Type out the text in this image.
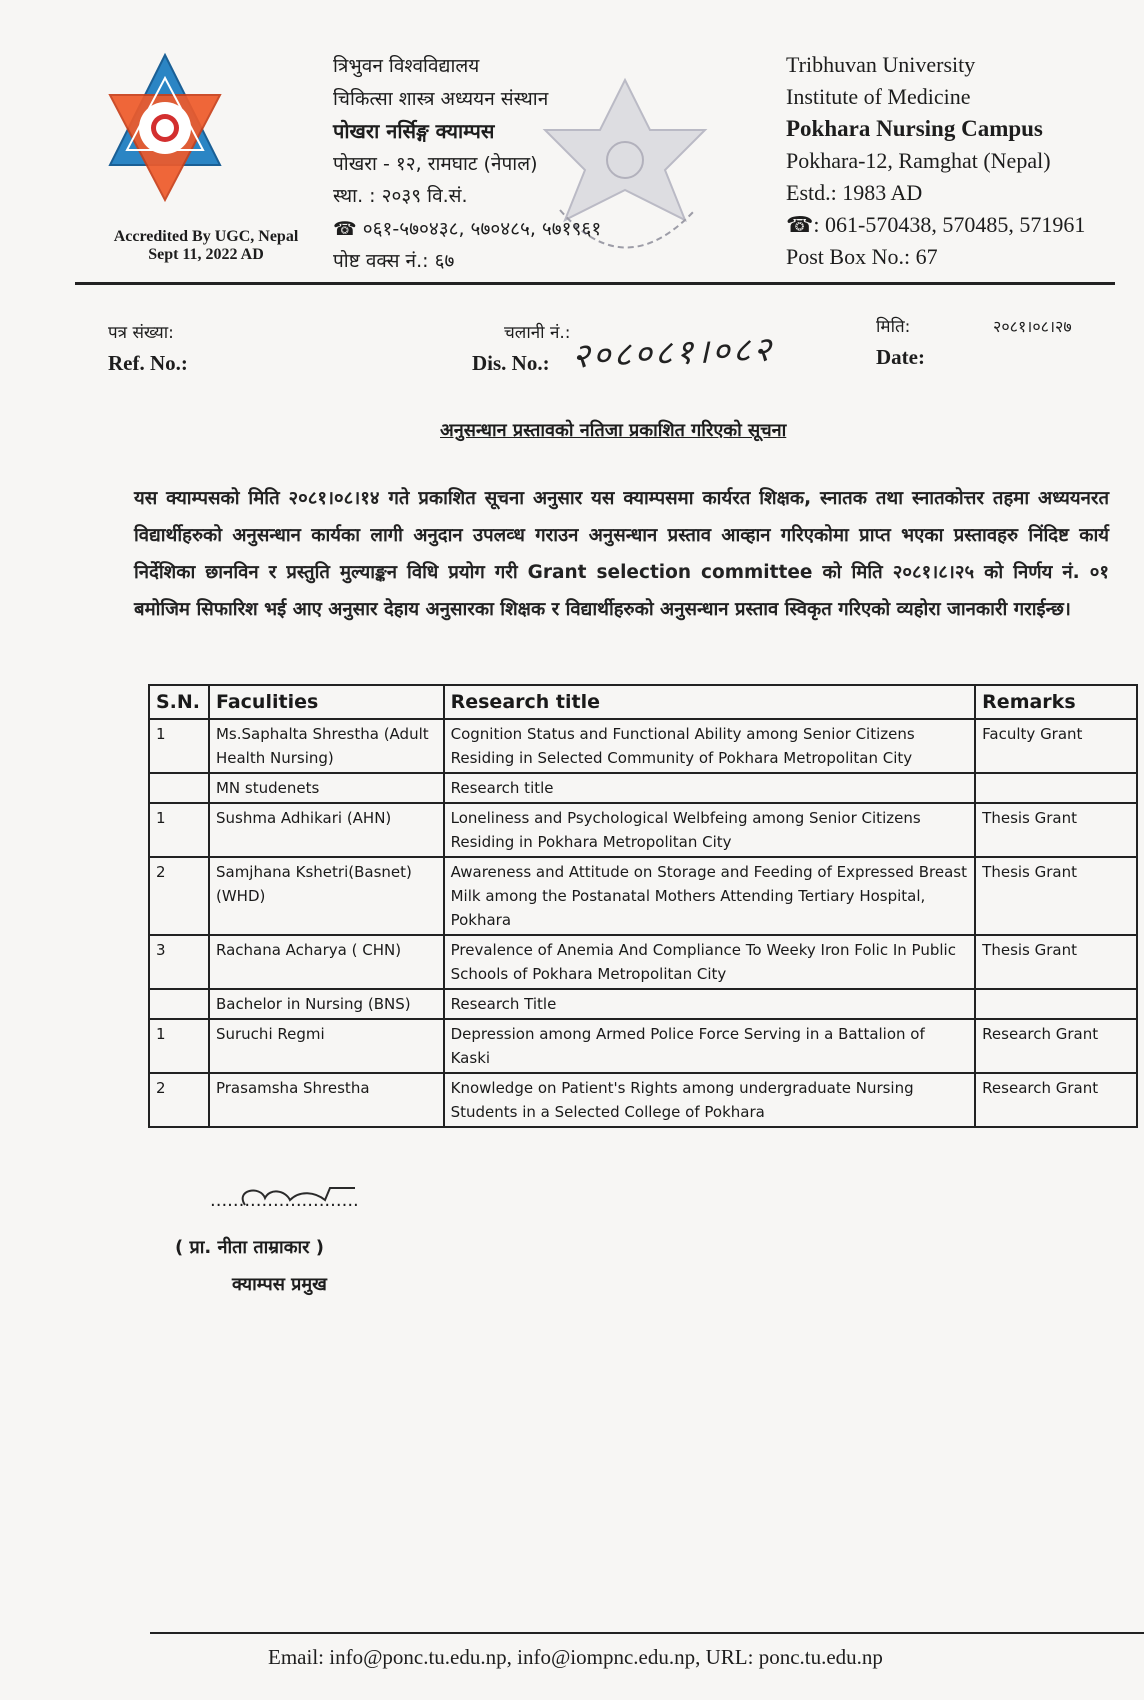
Accredited By UGC, Nepal
Sept 11, 2022 AD
त्रिभुवन विश्वविद्यालय
चिकित्सा शास्त्र अध्ययन संस्थान
पोखरा नर्सिङ्ग क्याम्पस
पोखरा - १२, रामघाट (नेपाल)
स्था. : २०३९ वि.सं.
☎ ०६१-५७०४३८, ५७०४८५, ५७१९६१
पोष्ट वक्स नं.: ६७
Tribhuvan University
Institute of Medicine
Pokhara Nursing Campus
Pokhara-12, Ramghat (Nepal)
Estd.: 1983 AD
☎: 061-570438, 570485, 571961
Post Box No.: 67
पत्र संख्या:
Ref. No.:
चलानी नं.:
Dis. No.: २०८०८१।०८२
मिति:
Date:
२०८१।०८।२७
अनुसन्धान प्रस्तावको नतिजा प्रकाशित गरिएको सूचना
यस क्याम्पसको मिति २०८१।०८।१४ गते प्रकाशित सूचना अनुसार यस क्याम्पसमा कार्यरत शिक्षक, स्नातक तथा स्नातकोत्तर तहमा अध्ययनरत विद्यार्थीहरुको अनुसन्धान कार्यका लागी अनुदान उपलव्ध गराउन अनुसन्धान प्रस्ताव आव्हान गरिएकोमा प्राप्त भएका प्रस्तावहरु निंदिष्ट कार्य निर्देशिका छानविन र प्रस्तुति मुल्याङ्कन विधि प्रयोग गरी Grant selection committee को मिति २०८१।८।२५ को निर्णय नं. ०१ बमोजिम सिफारिश भई आए अनुसार देहाय अनुसारका शिक्षक र विद्यार्थीहरुको अनुसन्धान प्रस्ताव स्विकृत गरिएको व्यहोरा जानकारी गराईन्छ।
S.N.	Faculities	Research title	Remarks
1	Ms.Saphalta Shrestha (Adult Health Nursing)	Cognition Status and Functional Ability among Senior Citizens Residing in Selected Community of Pokhara Metropolitan City	Faculty Grant
	MN studenets	Research title	
1	Sushma Adhikari (AHN)	Loneliness and Psychological Welbfeing among Senior Citizens Residing in Pokhara Metropolitan City	Thesis Grant
2	Samjhana Kshetri(Basnet) (WHD)	Awareness and Attitude on Storage and Feeding of Expressed Breast Milk among the Postanatal Mothers Attending Tertiary Hospital, Pokhara	Thesis Grant
3	Rachana Acharya ( CHN)	Prevalence of Anemia And Compliance To Weeky Iron Folic In Public Schools of Pokhara Metropolitan City	Thesis Grant
	Bachelor in Nursing (BNS)	Research Title	
1	Suruchi Regmi	Depression among Armed Police Force Serving in a Battalion of Kaski	Research Grant
2	Prasamsha Shrestha	Knowledge on Patient's Rights among undergraduate Nursing Students in a Selected College of Pokhara	Research Grant
..........................
( प्रा. नीता ताम्राकार )
क्याम्पस प्रमुख
Email: info@ponc.tu.edu.np, info@iompnc.edu.np, URL: ponc.tu.edu.np
